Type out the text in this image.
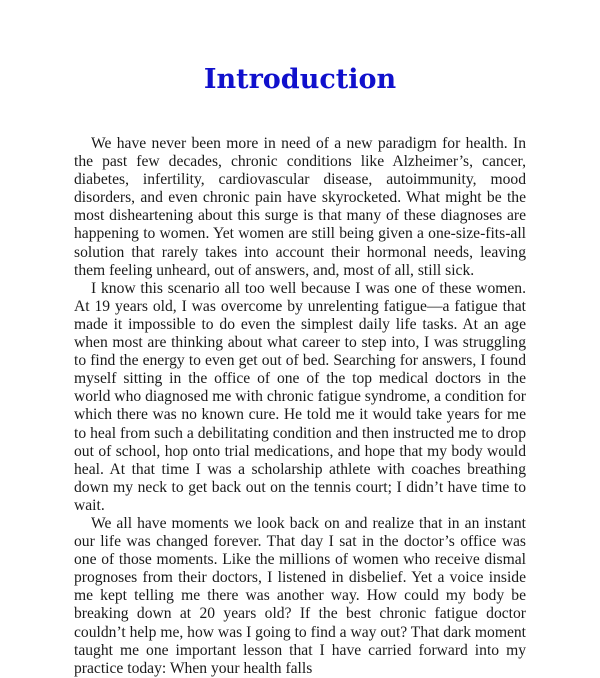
Introduction

We have never been more in need of a new paradigm for health. In the past few decades, chronic conditions like Alzheimer’s, cancer, diabetes, infertility, cardiovascular disease, autoimmunity, mood disorders, and even chronic pain have skyrocketed. What might be the most disheartening about this surge is that many of these diagnoses are happening to women. Yet women are still being given a one-size-fits-all solution that rarely takes into account their hormonal needs, leaving them feeling unheard, out of answers, and, most of all, still sick.

I know this scenario all too well because I was one of these women. At 19 years old, I was overcome by unrelenting fatigue—a fatigue that made it impossible to do even the simplest daily life tasks. At an age when most are thinking about what career to step into, I was struggling to find the energy to even get out of bed. Searching for answers, I found myself sitting in the office of one of the top medical doctors in the world who diagnosed me with chronic fatigue syndrome, a condition for which there was no known cure. He told me it would take years for me to heal from such a debilitating condition and then instructed me to drop out of school, hop onto trial medications, and hope that my body would heal. At that time I was a scholarship athlete with coaches breathing down my neck to get back out on the tennis court; I didn’t have time to wait.

We all have moments we look back on and realize that in an instant our life was changed forever. That day I sat in the doctor’s office was one of those moments. Like the millions of women who receive dismal prognoses from their doctors, I listened in disbelief. Yet a voice inside me kept telling me there was another way. How could my body be breaking down at 20 years old? If the best chronic fatigue doctor couldn’t help me, how was I going to find a way out? That dark moment taught me one important lesson that I have carried forward into my practice today: When your health falls
